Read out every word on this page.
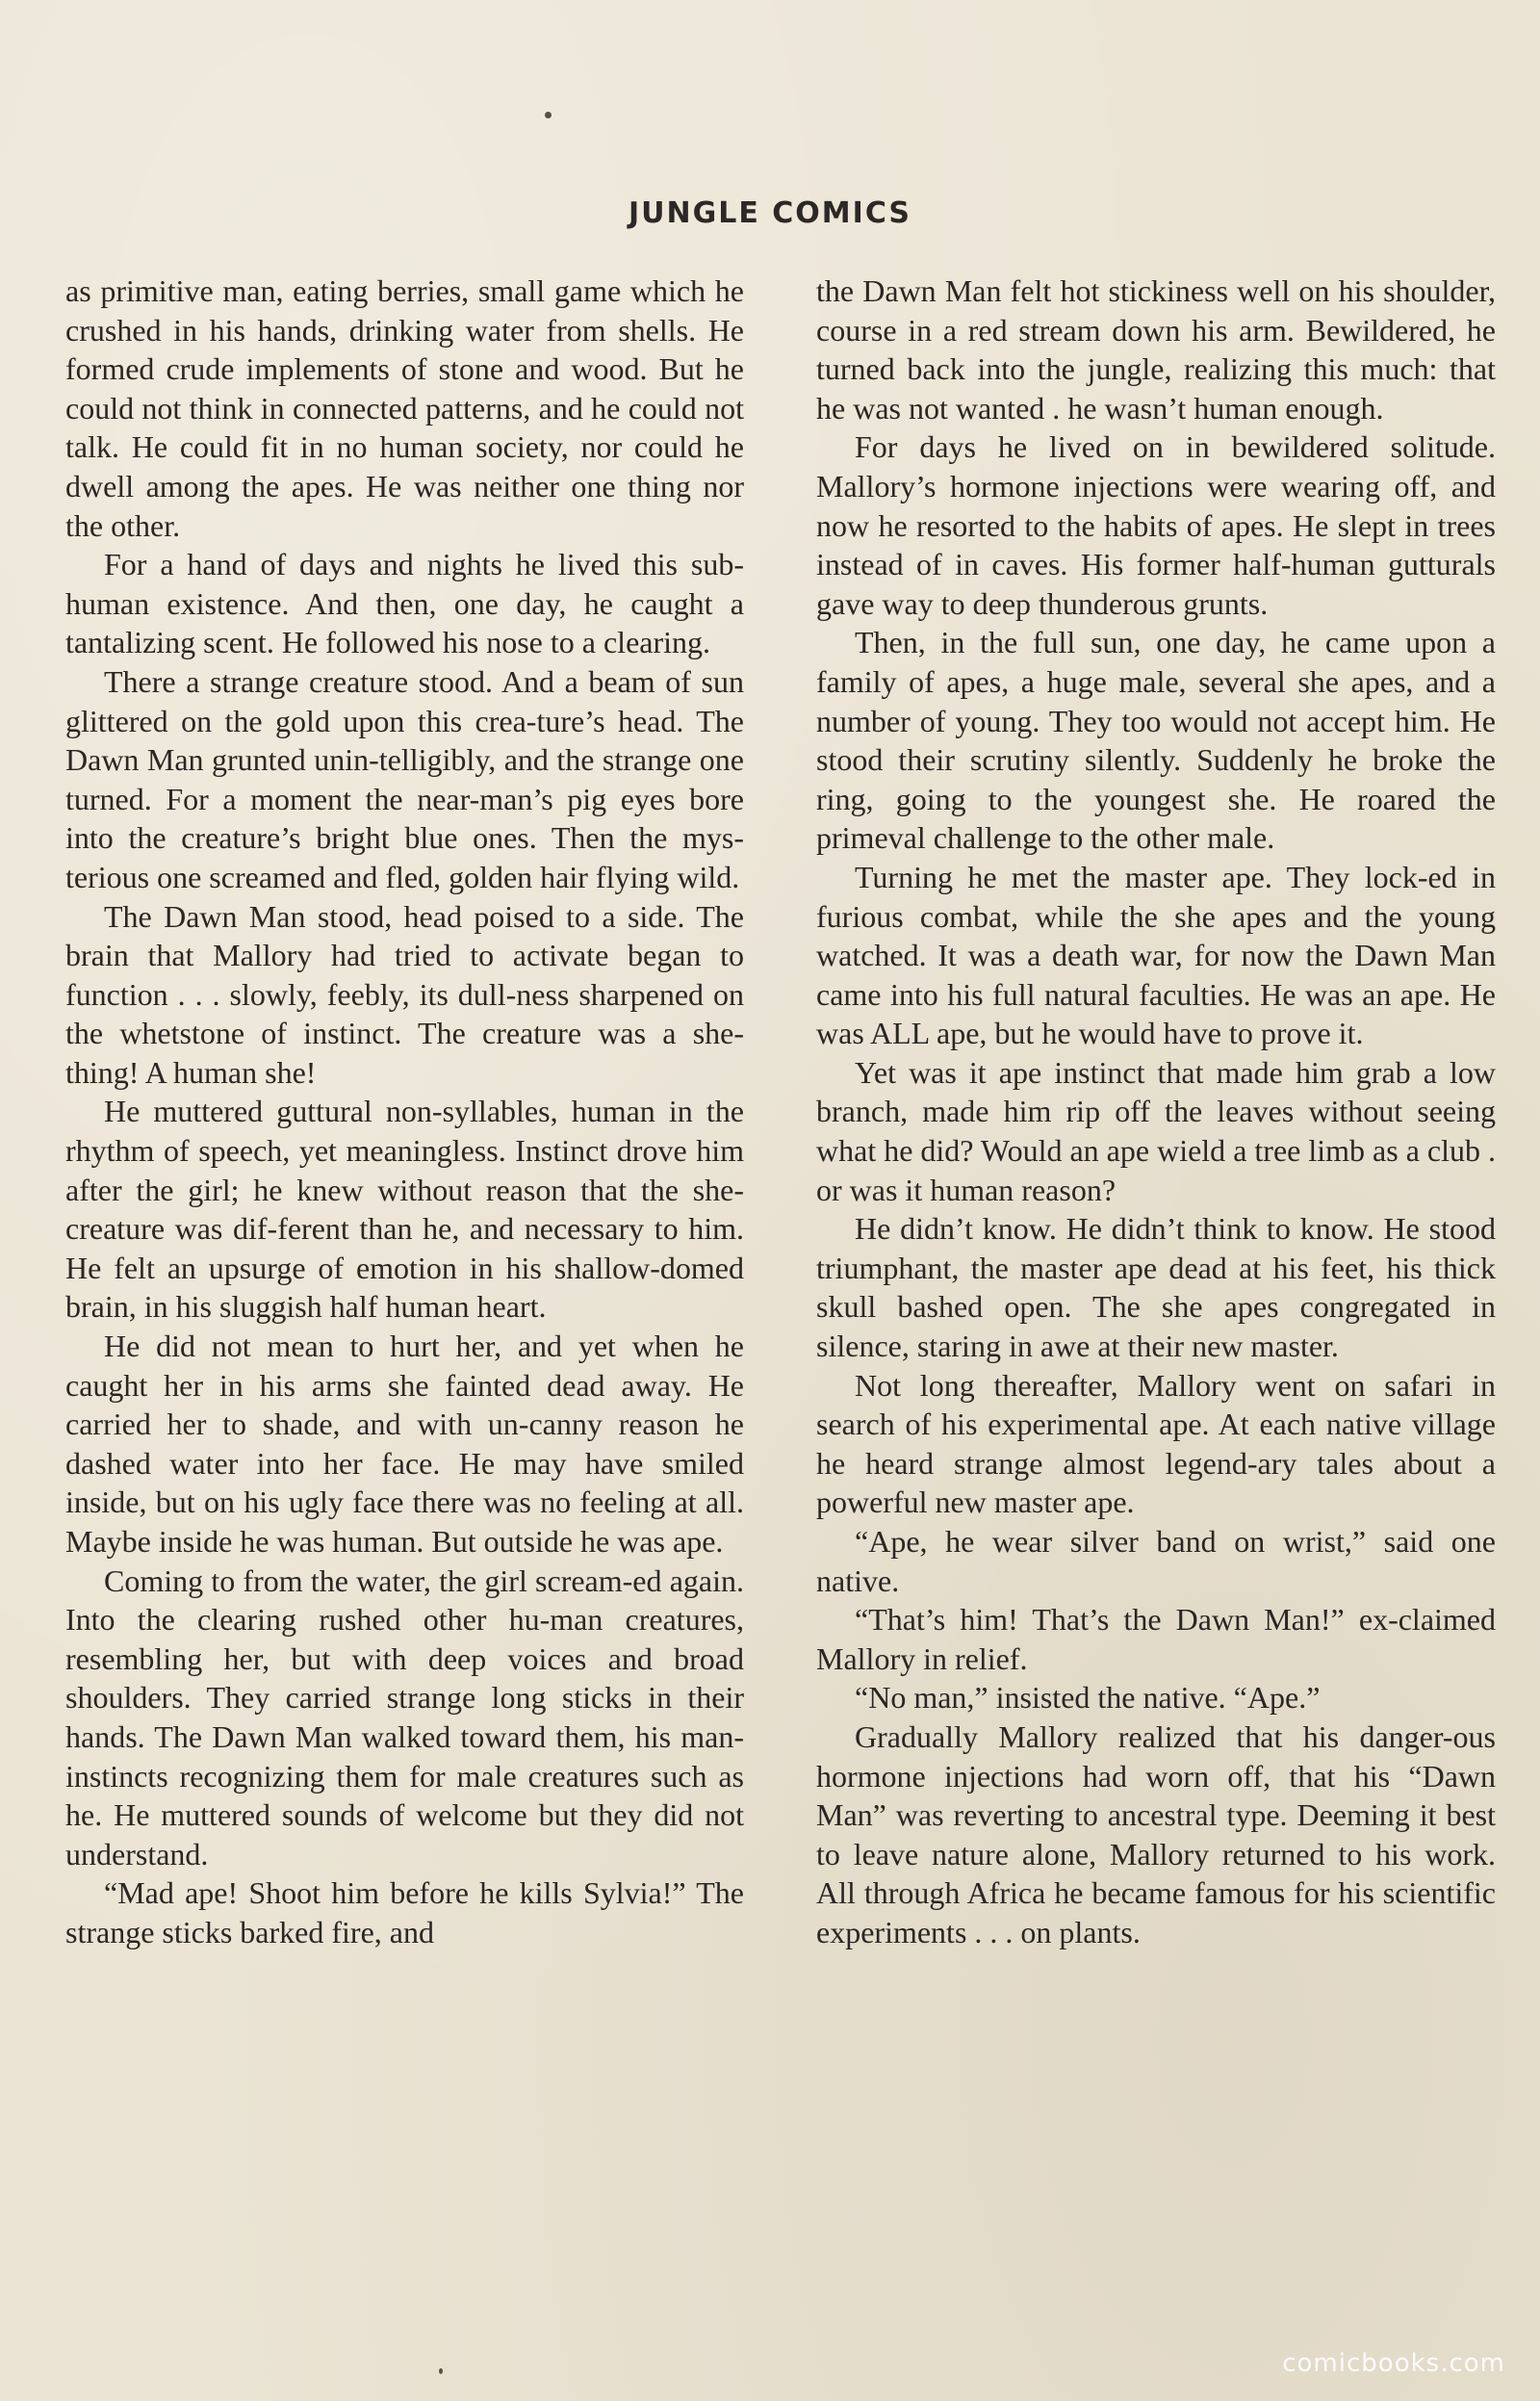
JUNGLE COMICS

as primitive man, eating berries, small game which he crushed in his hands, drinking water from shells. He formed crude implements of stone and wood. But he could not think in connected patterns, and he could not talk. He could fit in no human society, nor could he dwell among the apes. He was neither one thing nor the other.

For a hand of days and nights he lived this sub-human existence. And then, one day, he caught a tantalizing scent. He followed his nose to a clearing.

There a strange creature stood. And a beam of sun glittered on the gold upon this crea-ture’s head. The Dawn Man grunted unin-telligibly, and the strange one turned. For a moment the near-man’s pig eyes bore into the creature’s bright blue ones. Then the mys-terious one screamed and fled, golden hair flying wild.

The Dawn Man stood, head poised to a side. The brain that Mallory had tried to activate began to function . . . slowly, feebly, its dull-ness sharpened on the whetstone of instinct. The creature was a she-thing! A human she!

He muttered guttural non-syllables, human in the rhythm of speech, yet meaningless. Instinct drove him after the girl; he knew without reason that the she-creature was dif-ferent than he, and necessary to him. He felt an upsurge of emotion in his shallow-domed brain, in his sluggish half human heart.

He did not mean to hurt her, and yet when he caught her in his arms she fainted dead away. He carried her to shade, and with un-canny reason he dashed water into her face. He may have smiled inside, but on his ugly face there was no feeling at all. Maybe inside he was human. But outside he was ape.

Coming to from the water, the girl scream-ed again. Into the clearing rushed other hu-man creatures, resembling her, but with deep voices and broad shoulders. They carried strange long sticks in their hands. The Dawn Man walked toward them, his man-instincts recognizing them for male creatures such as he. He muttered sounds of welcome but they did not understand.

“Mad ape! Shoot him before he kills Sylvia!” The strange sticks barked fire, and

the Dawn Man felt hot stickiness well on his shoulder, course in a red stream down his arm. Bewildered, he turned back into the jungle, realizing this much: that he was not wanted . he wasn’t human enough.

For days he lived on in bewildered solitude. Mallory’s hormone injections were wearing off, and now he resorted to the habits of apes. He slept in trees instead of in caves. His former half-human gutturals gave way to deep thunderous grunts.

Then, in the full sun, one day, he came upon a family of apes, a huge male, several she apes, and a number of young. They too would not accept him. He stood their scrutiny silently. Suddenly he broke the ring, going to the youngest she. He roared the primeval challenge to the other male.

Turning he met the master ape. They lock-ed in furious combat, while the she apes and the young watched. It was a death war, for now the Dawn Man came into his full natural faculties. He was an ape. He was ALL ape, but he would have to prove it.

Yet was it ape instinct that made him grab a low branch, made him rip off the leaves without seeing what he did? Would an ape wield a tree limb as a club . or was it human reason?

He didn’t know. He didn’t think to know. He stood triumphant, the master ape dead at his feet, his thick skull bashed open. The she apes congregated in silence, staring in awe at their new master.

Not long thereafter, Mallory went on safari in search of his experimental ape. At each native village he heard strange almost legend-ary tales about a powerful new master ape.

“Ape, he wear silver band on wrist,” said one native.

“That’s him! That’s the Dawn Man!” ex-claimed Mallory in relief.

“No man,” insisted the native. “Ape.”

Gradually Mallory realized that his danger-ous hormone injections had worn off, that his “Dawn Man” was reverting to ancestral type. Deeming it best to leave nature alone, Mallory returned to his work. All through Africa he became famous for his scientific experiments . . . on plants.

comicbooks.com
